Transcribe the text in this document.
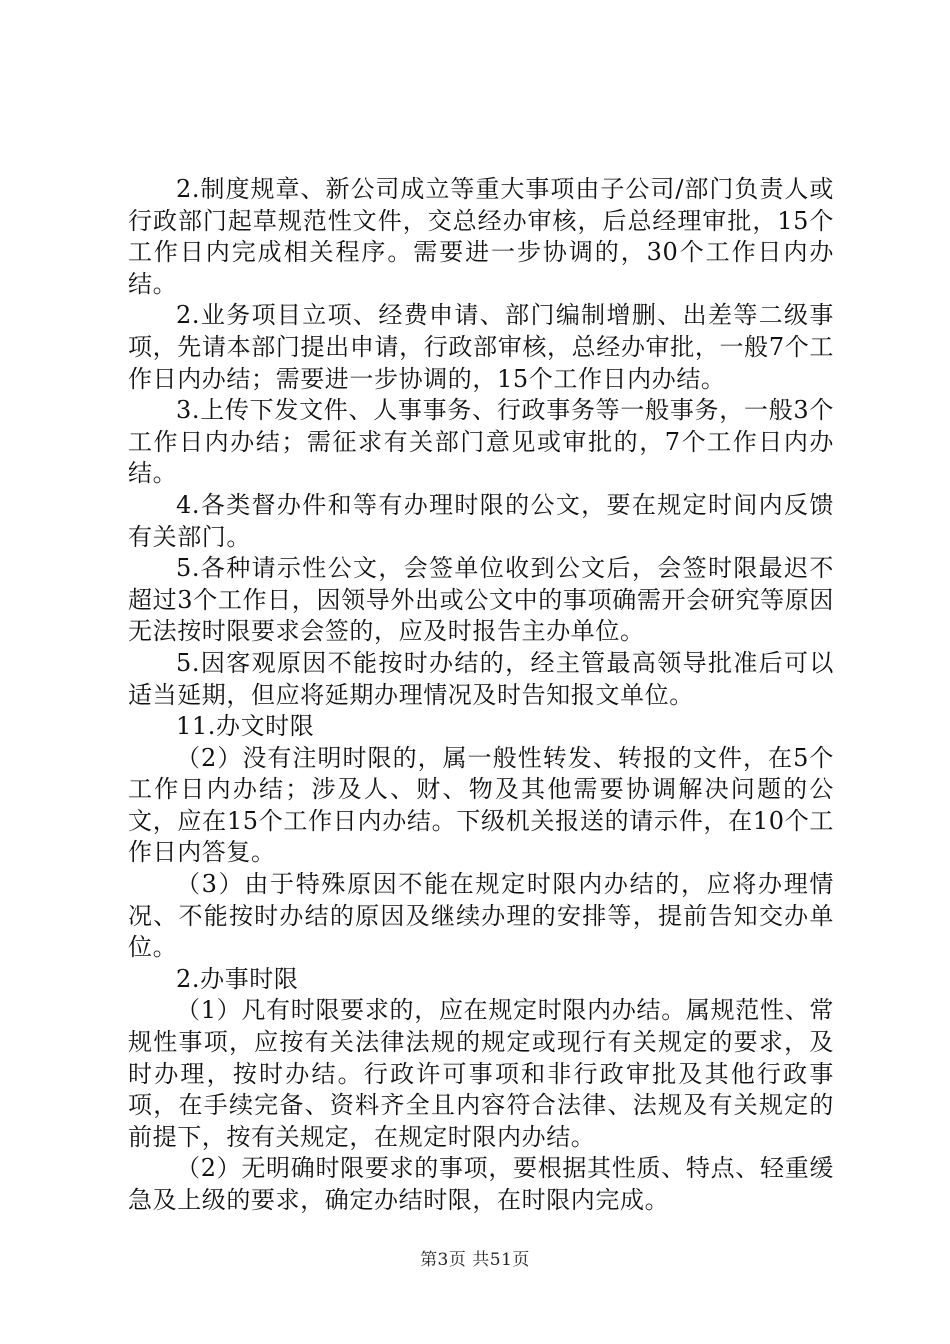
2.制度规章、新公司成立等重大事项由子公司/部门负责人或行政部门起草规范性文件，交总经办审核，后总经理审批，15个工作日内完成相关程序。需要进一步协调的，30个工作日内办结。

2.业务项目立项、经费申请、部门编制增删、出差等二级事项，先请本部门提出申请，行政部审核，总经办审批，一般7个工作日内办结；需要进一步协调的，15个工作日内办结。

3.上传下发文件、人事事务、行政事务等一般事务，一般3个工作日内办结；需征求有关部门意见或审批的，7个工作日内办结。

4.各类督办件和等有办理时限的公文，要在规定时间内反馈有关部门。

5.各种请示性公文，会签单位收到公文后，会签时限最迟不超过3个工作日，因领导外出或公文中的事项确需开会研究等原因无法按时限要求会签的，应及时报告主办单位。

5.因客观原因不能按时办结的，经主管最高领导批准后可以适当延期，但应将延期办理情况及时告知报文单位。

11.办文时限

（2）没有注明时限的，属一般性转发、转报的文件，在5个工作日内办结；涉及人、财、物及其他需要协调解决问题的公文，应在15个工作日内办结。下级机关报送的请示件，在10个工作日内答复。

（3）由于特殊原因不能在规定时限内办结的，应将办理情况、不能按时办结的原因及继续办理的安排等，提前告知交办单位。

2.办事时限

（1）凡有时限要求的，应在规定时限内办结。属规范性、常规性事项，应按有关法律法规的规定或现行有关规定的要求，及时办理，按时办结。行政许可事项和非行政审批及其他行政事项，在手续完备、资料齐全且内容符合法律、法规及有关规定的前提下，按有关规定，在规定时限内办结。

（2）无明确时限要求的事项，要根据其性质、特点、轻重缓急及上级的要求，确定办结时限，在时限内完成。

第3页 共51页
